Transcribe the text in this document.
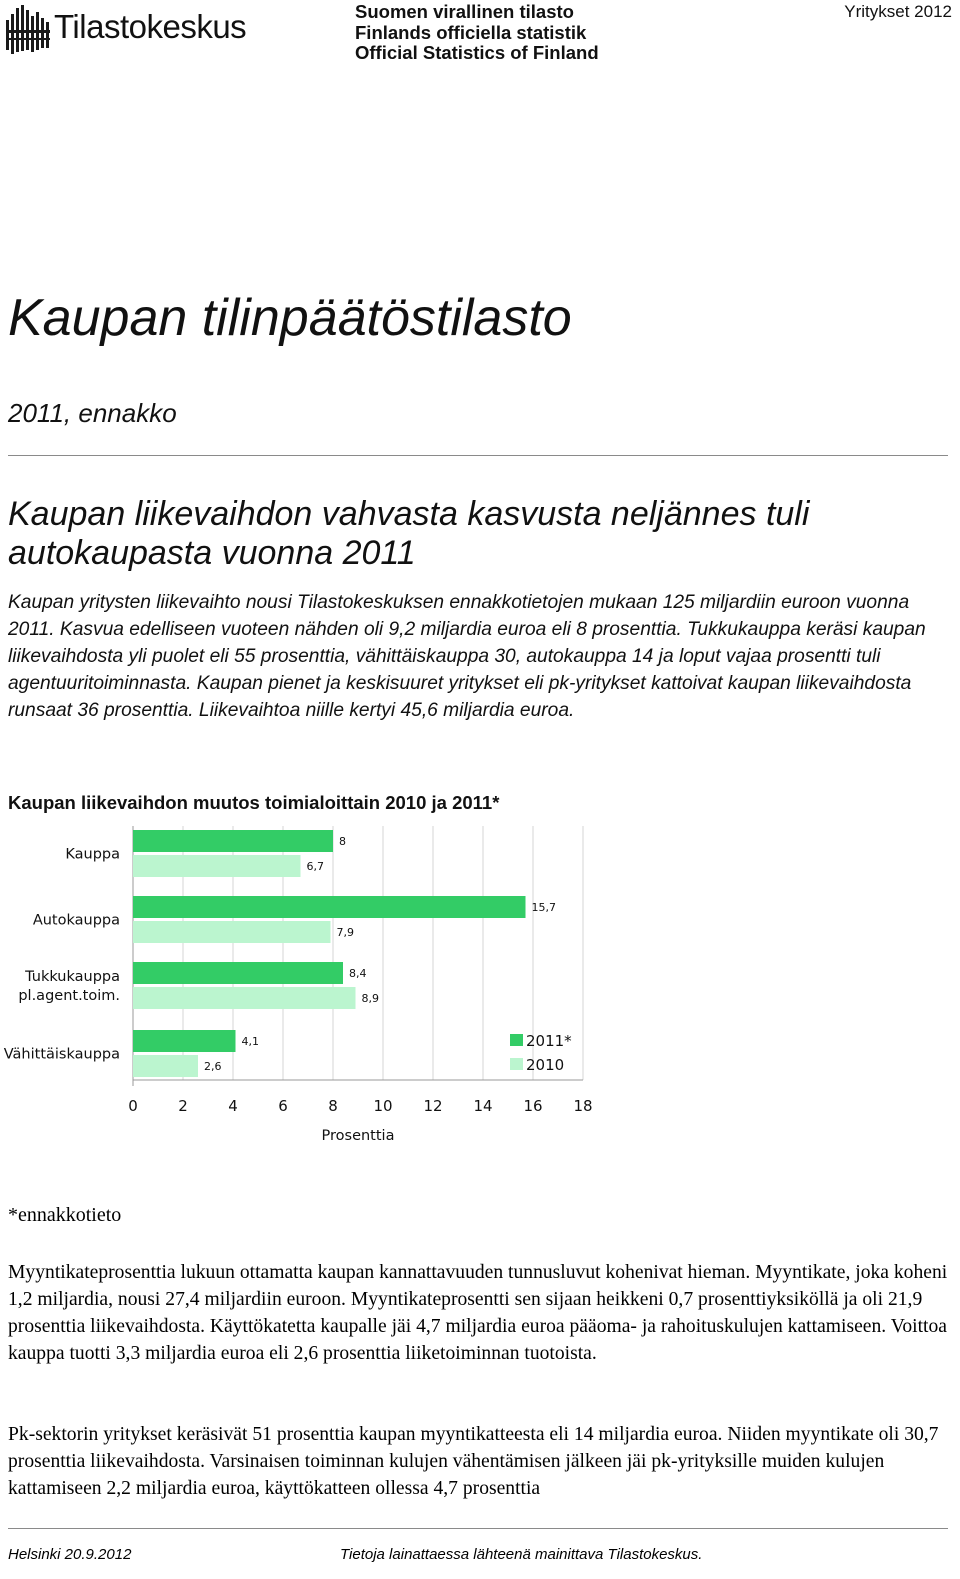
Tilastokeskus	Suomen virallinen tilasto
Finlands officiella statistik
Official Statistics of Finland
Yritykset 2012
Kaupan tilinpäätöstilasto
2011, ennakko
Kaupan liikevaihdon vahvasta kasvusta neljännes tuli autokaupasta vuonna 2011
Kaupan yritysten liikevaihto nousi Tilastokeskuksen ennakkotietojen mukaan 125 miljardiin euroon vuonna 2011. Kasvua edelliseen vuoteen nähden oli 9,2 miljardia euroa eli 8 prosenttia. Tukkukauppa keräsi kaupan liikevaihdosta yli puolet eli 55 prosenttia, vähittäiskauppa 30, autokauppa 14 ja loput vajaa prosentti tuli agentuuritoiminnasta. Kaupan pienet ja keskisuuret yritykset eli pk-yritykset kattoivat kaupan liikevaihdosta runsaat 36 prosenttia. Liikevaihtoa niille kertyi 45,6 miljardia euroa.
Kaupan liikevaihdon muutos toimialoittain 2010 ja 2011*
8
6,7
Kauppa
15,7
7,9
Autokauppa
8,4
8,9
Tukkukauppa
pl.agent.toim.
4,1
2,6
Vähittäiskauppa
0	2	4	6	8 10 12 14 16 18
Prosenttia
2011*
2010
*ennakkotieto
Myyntikateprosenttia lukuun ottamatta kaupan kannattavuuden tunnusluvut kohenivat hieman. Myyntikate, joka koheni 1,2 miljardia, nousi 27,4 miljardiin euroon. Myyntikateprosentti sen sijaan heikkeni 0,7 prosenttiyksiköllä ja oli 21,9 prosenttia liikevaihdosta. Käyttökatetta kaupalle jäi 4,7 miljardia euroa pääoma- ja rahoituskulujen kattamiseen. Voittoa kauppa tuotti 3,3 miljardia euroa eli 2,6 prosenttia liiketoiminnan tuotoista.
Pk-sektorin yritykset keräsivät 51 prosenttia kaupan myyntikatteesta eli 14 miljardia euroa. Niiden myyntikate oli 30,7 prosenttia liikevaihdosta. Varsinaisen toiminnan kulujen vähentämisen jälkeen jäi pk-yrityksille muiden kulujen kattamiseen 2,2 miljardia euroa, käyttökatteen ollessa 4,7 prosenttia
Helsinki 20.9.2012	Tietoja lainattaessa lähteenä mainittava Tilastokeskus.
